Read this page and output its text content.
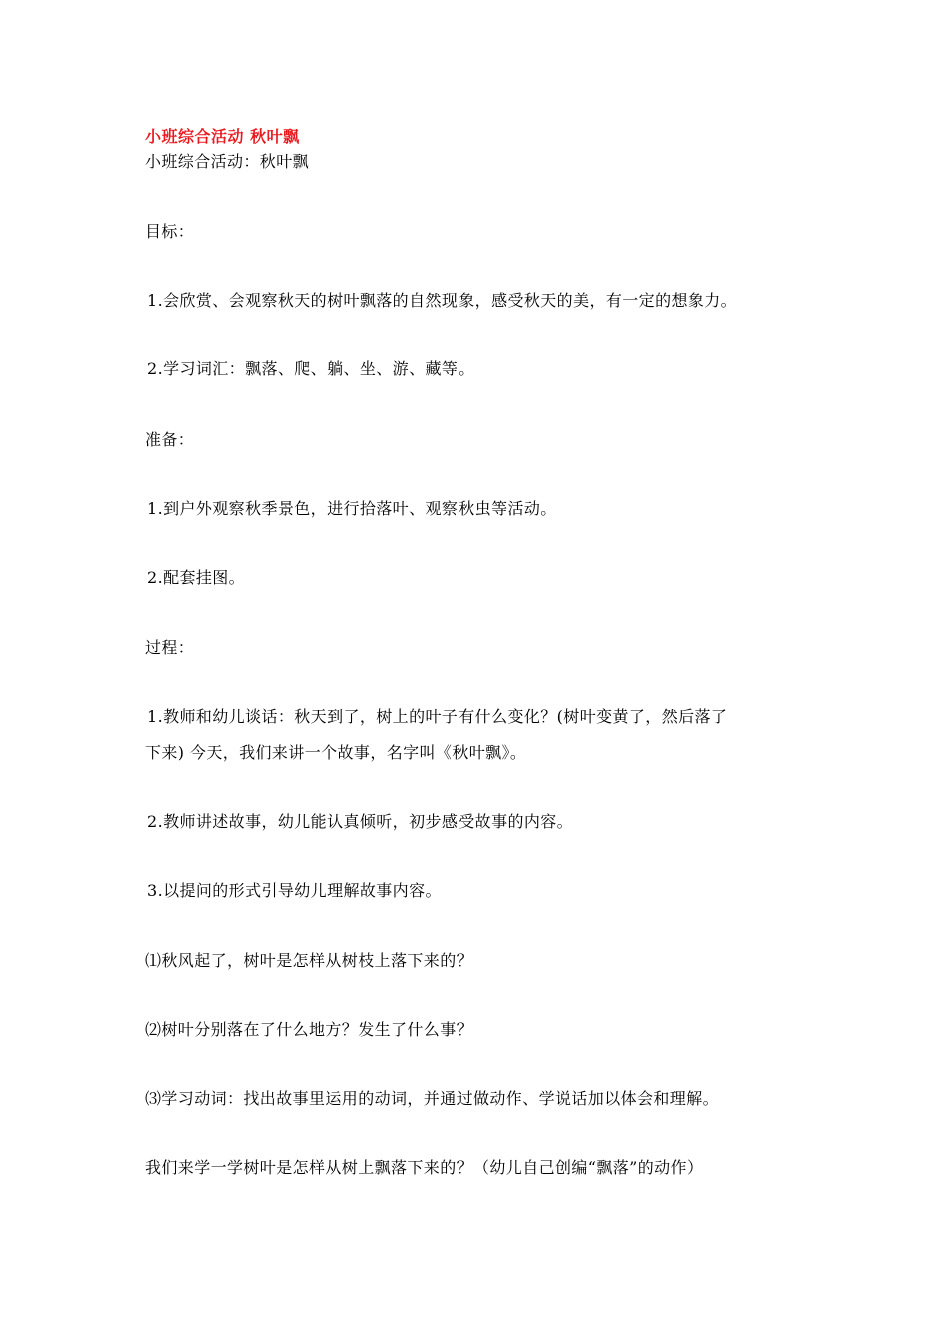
小班综合活动 秋叶飘
小班综合活动：秋叶飘
目标：
1.会欣赏、会观察秋天的树叶飘落的自然现象，感受秋天的美，有一定的想象力。
2.学习词汇：飘落、爬、躺、坐、游、藏等。
准备：
1.到户外观察秋季景色，进行拾落叶、观察秋虫等活动。
2.配套挂图。
过程：
1.教师和幼儿谈话：秋天到了，树上的叶子有什么变化？(树叶变黄了，然后落了
下来) 今天，我们来讲一个故事，名字叫《秋叶飘》。
2.教师讲述故事，幼儿能认真倾听，初步感受故事的内容。
3.以提问的形式引导幼儿理解故事内容。
⑴秋风起了，树叶是怎样从树枝上落下来的？
⑵树叶分别落在了什么地方？发生了什么事？
⑶学习动词：找出故事里运用的动词，并通过做动作、学说话加以体会和理解。
我们来学一学树叶是怎样从树上飘落下来的？（幼儿自己创编“飘落”的动作）
